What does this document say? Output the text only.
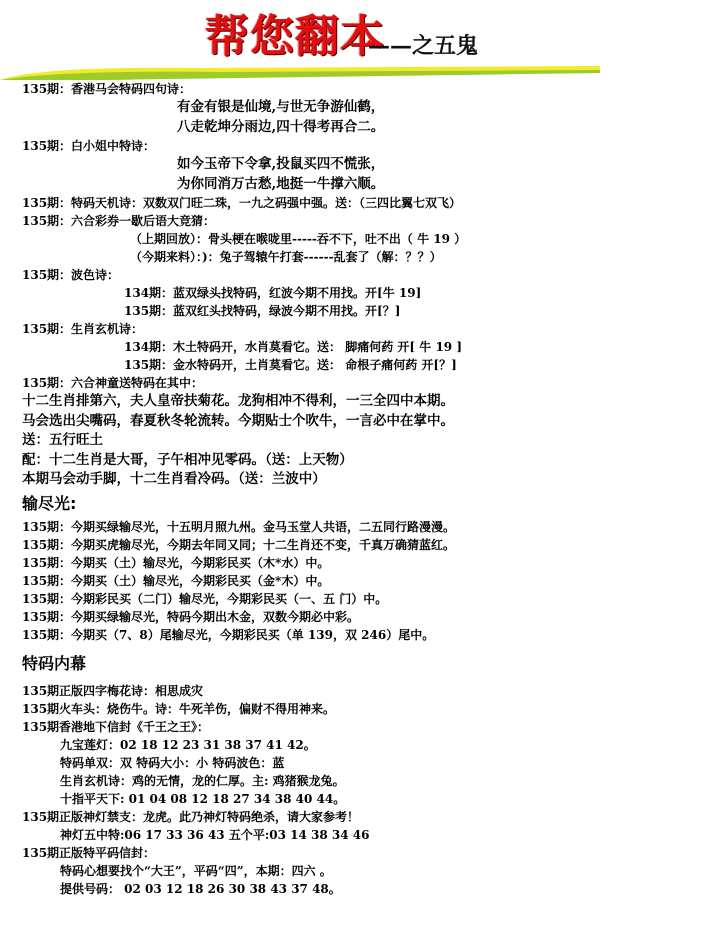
帮您翻本
——之五鬼
135期：香港马会特码四句诗：
有金有银是仙境,与世无争游仙鹤，
八走乾坤分雨边,四十得考再合二。
135期：白小姐中特诗：
如今玉帝下令拿,投鼠买四不慌张，
为你同消万古愁,地挺一牛撑六顺。
135期：特码天机诗：双数双门旺二珠，一九之码强中强。送：（三四比翼七双飞）
135期：六合彩券一歇后语大竞猜：
（上期回放）：骨头梗在喉咙里-----吞不下，吐不出（ 牛 19 ）
（今期来料）：)：兔子驾辕午打套------乱套了（解：？？）
135期：波色诗：
134期：蓝双绿头找特码，红波今期不用找。开[牛 19]
135期：蓝双红头找特码，绿波今期不用找。开[？]
135期：生肖玄机诗：
134期：木土特码开，水肖莫看它。送： 脚痛何药 开[ 牛 19 ]
135期：金水特码开，土肖莫看它。送： 命根子痛何药 开[？]
135期：六合神童送特码在其中：
十二生肖排第六，夫人皇帝扶菊花。龙狗相冲不得利，一三全四中本期。
马会选出尖嘴码，春夏秋冬轮流转。今期贴士个吹牛，一言必中在掌中。
送：五行旺土
配：十二生肖是大哥，子午相冲见零码。（送：上天物）
本期马会动手脚，十二生肖看冷码。（送：兰波中）
输尽光:
135期：今期买绿输尽光，十五明月照九州。金马玉堂人共语，二五同行路漫漫。
135期：今期买虎输尽光，今期去年同又同；十二生肖还不变，千真万确猜蓝红。
135期：今期买（土）输尽光，今期彩民买（木*水）中。
135期：今期买（土）输尽光，今期彩民买（金*木）中。
135期：今期彩民买（二门）输尽光，今期彩民买（一、五 门）中。
135期：今期买绿输尽光，特码今期出木金，双数今期必中彩。
135期：今期买（7、8）尾输尽光，今期彩民买（单 139，双 246）尾中。
特码内幕
135期正版四字梅花诗：相思成灾
135期火车头：烧伤牛。诗：牛死羊伤，偏财不得用神来。
135期香港地下信封《千王之王》：
九宝莲灯：02 18 12 23 31 38 37 41 42。
特码单双：双 特码大小：小 特码波色：蓝
生肖玄机诗：鸡的无情，龙的仁厚。主: 鸡猪猴龙兔。
十指平天下: 01 04 08 12 18 27 34 38 40 44。
135期正版神灯禁支：龙虎。此乃神灯特码绝杀，请大家参考！
神灯五中特:06 17 33 36 43 五个平:03 14 38 34 46
135期正版特平码信封：
特码心想要找个“大王”，平码“四”，本期：四六 。
提供号码： 02 03 12 18 26 30 38 43 37 48。
